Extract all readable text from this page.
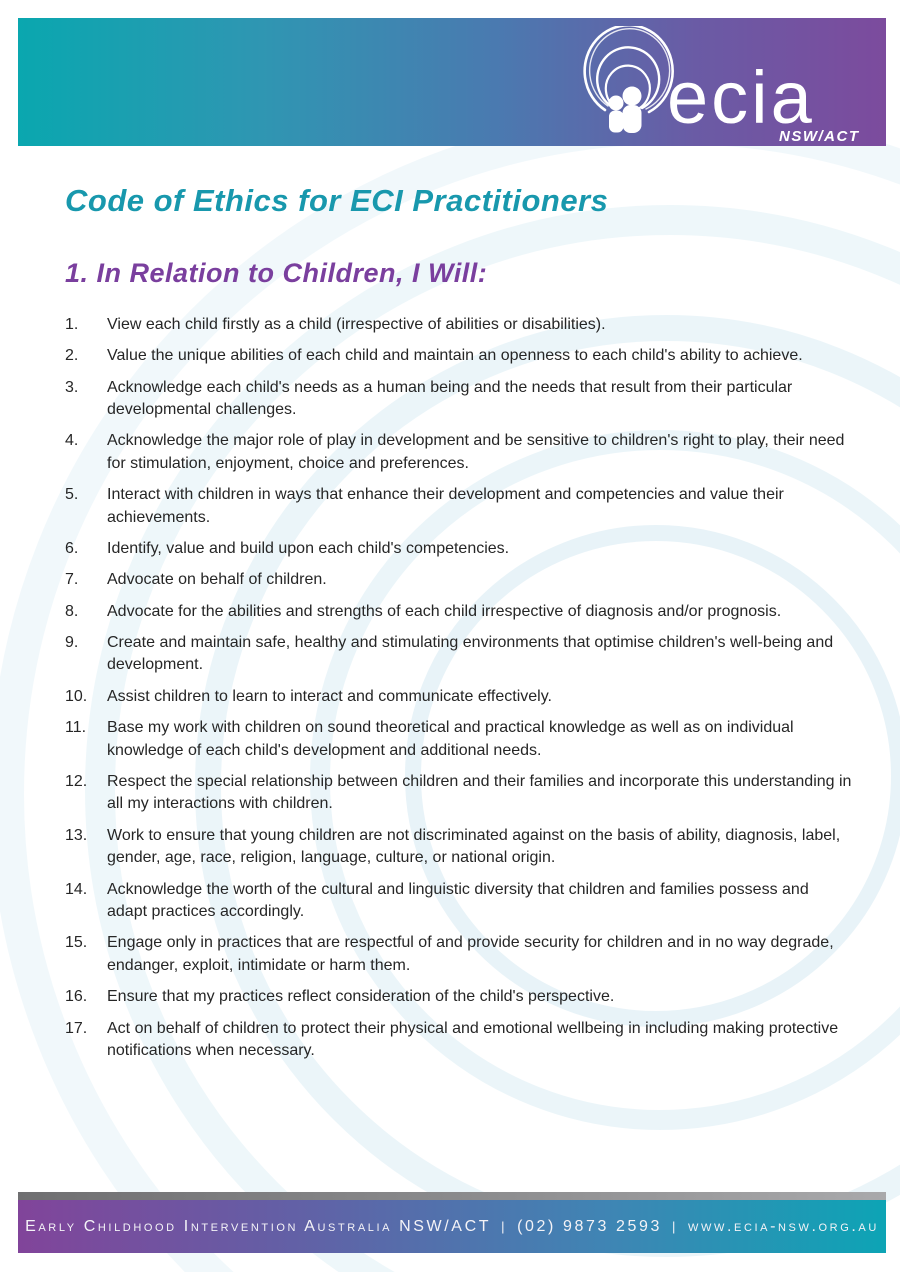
ecia
NSW/ACT
Code of Ethics for ECI Practitioners
1. In Relation to Children, I Will:
1.	View each child firstly as a child (irrespective of abilities or disabilities).
2.	Value the unique abilities of each child and maintain an openness to each child's ability to achieve.
3.	Acknowledge each child's needs as a human being and the needs that result from their particular developmental challenges.
4.	Acknowledge the major role of play in development and be sensitive to children's right to play, their need for stimulation, enjoyment, choice and preferences.
5.	Interact with children in ways that enhance their development and competencies and value their achievements.
6.	Identify, value and build upon each child's competencies.
7.	Advocate on behalf of children.
8.	Advocate for the abilities and strengths of each child irrespective of diagnosis and/or prognosis.
9.	Create and maintain safe, healthy and stimulating environments that optimise children's well-being and development.
10.	Assist children to learn to interact and communicate effectively.
11.	Base my work with children on sound theoretical and practical knowledge as well as on individual knowledge of each child's development and additional needs.
12.	Respect the special relationship between children and their families and incorporate this understanding in all my interactions with children.
13.	Work to ensure that young children are not discriminated against on the basis of ability, diagnosis, label, gender, age, race, religion, language, culture, or national origin.
14.	Acknowledge the worth of the cultural and linguistic diversity that children and families possess and adapt practices accordingly.
15.	Engage only in practices that are respectful of and provide security for children and in no way degrade, endanger, exploit, intimidate or harm them.
16.	Ensure that my practices reflect consideration of the child's perspective.
17.	Act on behalf of children to protect their physical and emotional wellbeing in including making protective notifications when necessary.
Early Childhood Intervention Australia NSW/ACT | (02) 9873 2593 | www.ecia-nsw.org.au
